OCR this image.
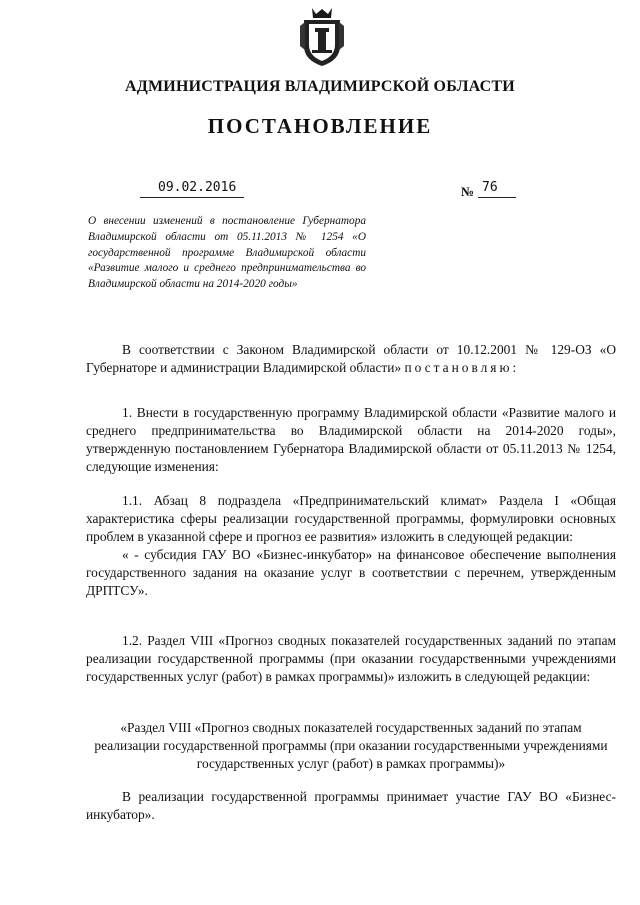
АДМИНИСТРАЦИЯ ВЛАДИМИРСКОЙ ОБЛАСТИ
ПОСТАНОВЛЕНИЕ
09.02.2016	№ 76
О внесении изменений в постановление Губернатора Владимирской области от 05.11.2013 № 1254 «О государственной программе Владимирской области «Развитие малого и среднего предпринимательства во Владимирской области на 2014-2020 годы»

В соответствии с Законом Владимирской области от 10.12.2001 № 129-ОЗ «О Губернаторе и администрации Владимирской области» постановляю:

1. Внести в государственную программу Владимирской области «Развитие малого и среднего предпринимательства во Владимирской области на 2014-2020 годы», утвержденную постановлением Губернатора Владимирской области от 05.11.2013 № 1254, следующие изменения:

1.1. Абзац 8 подраздела «Предпринимательский климат» Раздела I «Общая характеристика сферы реализации государственной программы, формулировки основных проблем в указанной сфере и прогноз ее развития» изложить в следующей редакции:

« - субсидия ГАУ ВО «Бизнес-инкубатор» на финансовое обеспечение выполнения государственного задания на оказание услуг в соответствии с перечнем, утвержденным ДРПТСУ».

1.2. Раздел VIII «Прогноз сводных показателей государственных заданий по этапам реализации государственной программы (при оказании государственными учреждениями государственных услуг (работ) в рамках программы)» изложить в следующей редакции:

«Раздел VIII «Прогноз сводных показателей государственных заданий по этапам реализации государственной программы (при оказании государственными учреждениями государственных услуг (работ) в рамках программы)»

В реализации государственной программы принимает участие ГАУ ВО «Бизнес-инкубатор».
